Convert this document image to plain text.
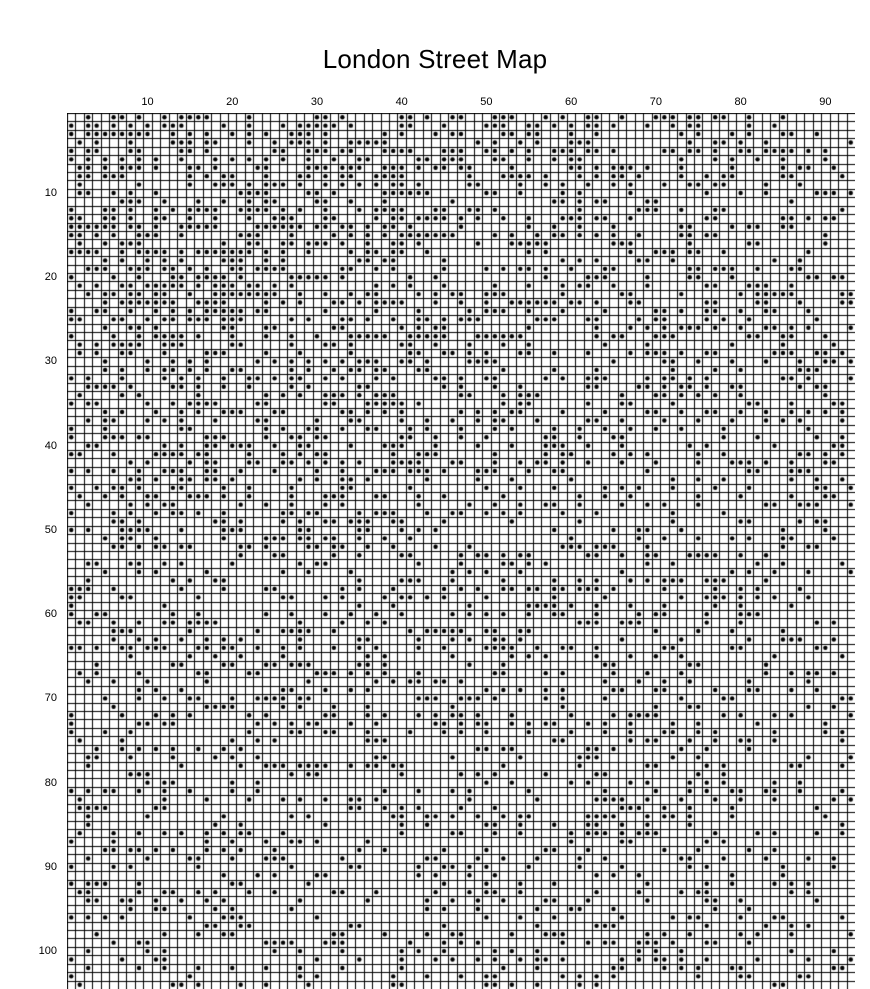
London Street Map
10	20	30	40	50	60	70	80	90
10
20
30
40
50
60
70
80
90
100
